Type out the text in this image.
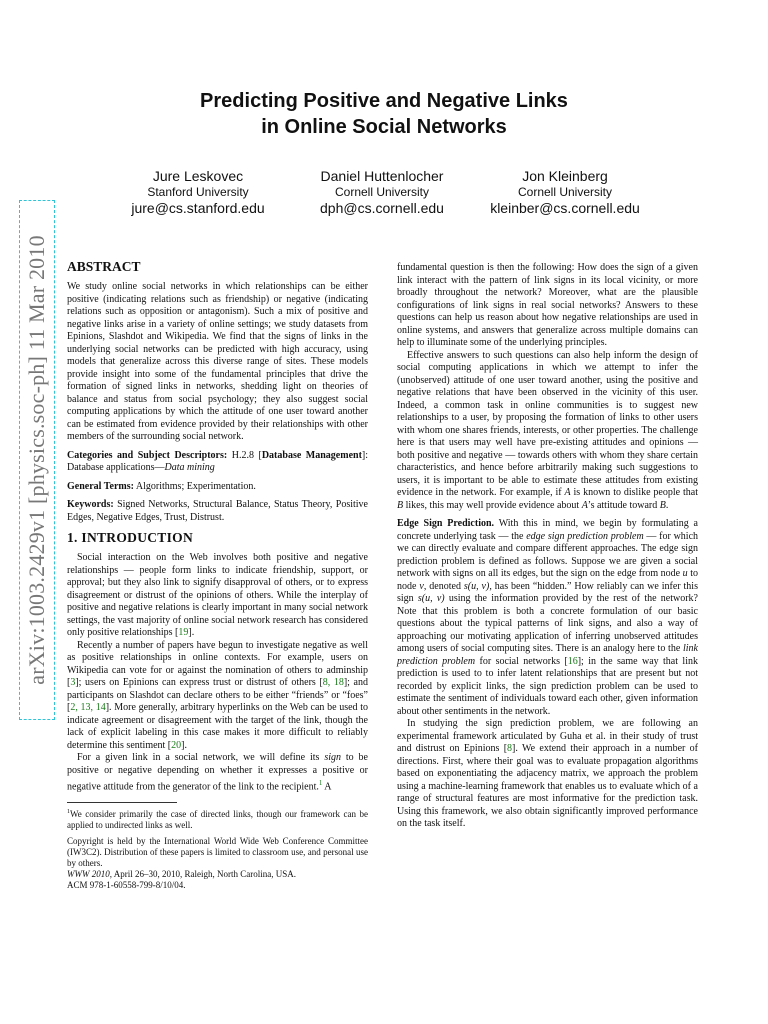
arXiv:1003.2429v1 [physics.soc-ph] 11 Mar 2010
Predicting Positive and Negative Links
in Online Social Networks
Jure Leskovec
Stanford University
jure@cs.stanford.edu
Daniel Huttenlocher
Cornell University
dph@cs.cornell.edu
Jon Kleinberg
Cornell University
kleinber@cs.cornell.edu
ABSTRACT

We study online social networks in which relationships can be either positive (indicating relations such as friendship) or negative (indicating relations such as opposition or antagonism). Such a mix of positive and negative links arise in a variety of online settings; we study datasets from Epinions, Slashdot and Wikipedia. We find that the signs of links in the underlying social networks can be predicted with high accuracy, using models that generalize across this diverse range of sites. These models provide insight into some of the fundamental principles that drive the formation of signed links in networks, shedding light on theories of balance and status from social psychology; they also suggest social computing applications by which the attitude of one user toward another can be estimated from evidence provided by their relationships with other members of the surrounding social network.

Categories and Subject Descriptors: H.2.8 [Database Management]: Database applications—Data mining

General Terms: Algorithms; Experimentation.

Keywords: Signed Networks, Structural Balance, Status Theory, Positive Edges, Negative Edges, Trust, Distrust.

1. INTRODUCTION

Social interaction on the Web involves both positive and negative relationships — people form links to indicate friendship, support, or approval; but they also link to signify disapproval of others, or to express disagreement or distrust of the opinions of others. While the interplay of positive and negative relations is clearly important in many social network settings, the vast majority of online social network research has considered only positive relationships [19].

Recently a number of papers have begun to investigate negative as well as positive relationships in online contexts. For example, users on Wikipedia can vote for or against the nomination of others to adminship [3]; users on Epinions can express trust or distrust of others [8, 18]; and participants on Slashdot can declare others to be either “friends” or “foes” [2, 13, 14]. More generally, arbitrary hyperlinks on the Web can be used to indicate agreement or disagreement with the target of the link, though the lack of explicit labeling in this case makes it more difficult to reliably determine this sentiment [20].

For a given link in a social network, we will define its sign to be positive or negative depending on whether it expresses a positive or negative attitude from the generator of the link to the recipient.$^1$ A

$^1$We consider primarily the case of directed links, though our framework can be applied to undirected links as well.

Copyright is held by the International World Wide Web Conference Committee (IW3C2). Distribution of these papers is limited to classroom use, and personal use by others.

WWW 2010, April 26–30, 2010, Raleigh, North Carolina, USA.

ACM 978-1-60558-799-8/10/04.

fundamental question is then the following: How does the sign of a given link interact with the pattern of link signs in its local vicinity, or more broadly throughout the network? Moreover, what are the plausible configurations of link signs in real social networks? Answers to these questions can help us reason about how negative relationships are used in online systems, and answers that generalize across multiple domains can help to illuminate some of the underlying principles.

Effective answers to such questions can also help inform the design of social computing applications in which we attempt to infer the (unobserved) attitude of one user toward another, using the positive and negative relations that have been observed in the vicinity of this user. Indeed, a common task in online communities is to suggest new relationships to a user, by proposing the formation of links to other users with whom one shares friends, interests, or other properties. The challenge here is that users may well have pre-existing attitudes and opinions — both positive and negative — towards others with whom they share certain characteristics, and hence before arbitrarily making such suggestions to users, it is important to be able to estimate these attitudes from existing evidence in the network. For example, if A is known to dislike people that B likes, this may well provide evidence about A’s attitude toward B.

Edge Sign Prediction. With this in mind, we begin by formulating a concrete underlying task — the edge sign prediction problem — for which we can directly evaluate and compare different approaches. The edge sign prediction problem is defined as follows. Suppose we are given a social network with signs on all its edges, but the sign on the edge from node u to node v, denoted s(u, v), has been “hidden.” How reliably can we infer this sign s(u, v) using the information provided by the rest of the network? Note that this problem is both a concrete formulation of our basic questions about the typical patterns of link signs, and also a way of approaching our motivating application of inferring unobserved attitudes among users of social computing sites. There is an analogy here to the link prediction problem for social networks [16]; in the same way that link prediction is used to to infer latent relationships that are present but not recorded by explicit links, the sign prediction problem can be used to estimate the sentiment of individuals toward each other, given information about other sentiments in the network.

In studying the sign prediction problem, we are following an experimental framework articulated by Guha et al. in their study of trust and distrust on Epinions [8]. We extend their approach in a number of directions. First, where their goal was to evaluate propagation algorithms based on exponentiating the adjacency matrix, we approach the problem using a machine-learning framework that enables us to evaluate which of a range of structural features are most informative for the prediction task. Using this framework, we also obtain significantly improved performance on the task itself.
